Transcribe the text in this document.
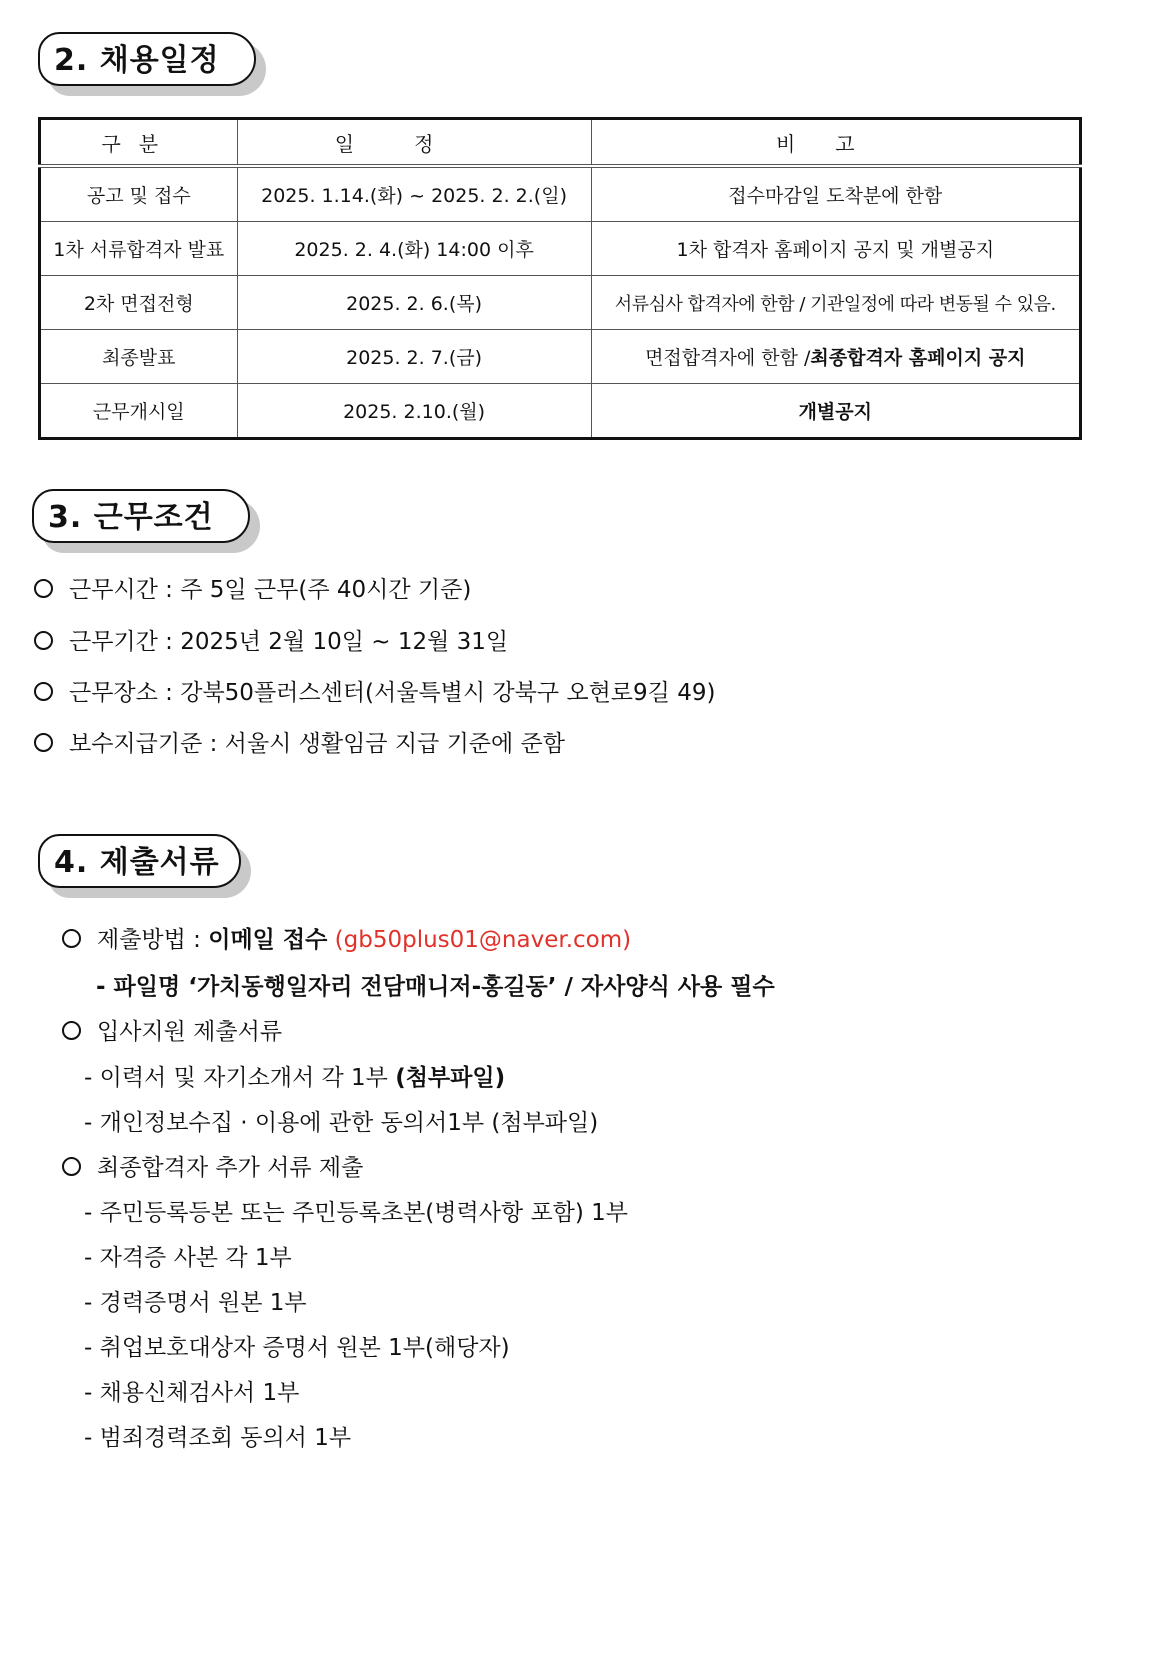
2. 채용일정
구분	일정	비고
공고 및 접수	2025. 1.14.(화) ~ 2025. 2. 2.(일)	접수마감일 도착분에 한함
1차 서류합격자 발표	2025. 2. 4.(화) 14:00 이후	1차 합격자 홈페이지 공지 및 개별공지
2차 면접전형	2025. 2. 6.(목)	서류심사 합격자에 한함 / 기관일정에 따라 변동될 수 있음.
최종발표	2025. 2. 7.(금)	면접합격자에 한함 /최종합격자 홈페이지 공지
근무개시일	2025. 2.10.(월)	개별공지
3. 근무조건
근무시간 : 주 5일 근무(주 40시간 기준)
근무기간 : 2025년 2월 10일 ~ 12월 31일
근무장소 : 강북50플러스센터(서울특별시 강북구 오현로9길 49)
보수지급기준 : 서울시 생활임금 지급 기준에 준함
4. 제출서류
제출방법 : 이메일 접수 (gb50plus01@naver.com)
- 파일명 ‘가치동행일자리 전담매니저-홍길동’ / 자사양식 사용 필수
입사지원 제출서류
- 이력서 및 자기소개서 각 1부 (첨부파일)
- 개인정보수집 · 이용에 관한 동의서1부 (첨부파일)
최종합격자 추가 서류 제출
- 주민등록등본 또는 주민등록초본(병력사항 포함) 1부
- 자격증 사본 각 1부
- 경력증명서 원본 1부
- 취업보호대상자 증명서 원본 1부(해당자)
- 채용신체검사서 1부
- 범죄경력조회 동의서 1부
